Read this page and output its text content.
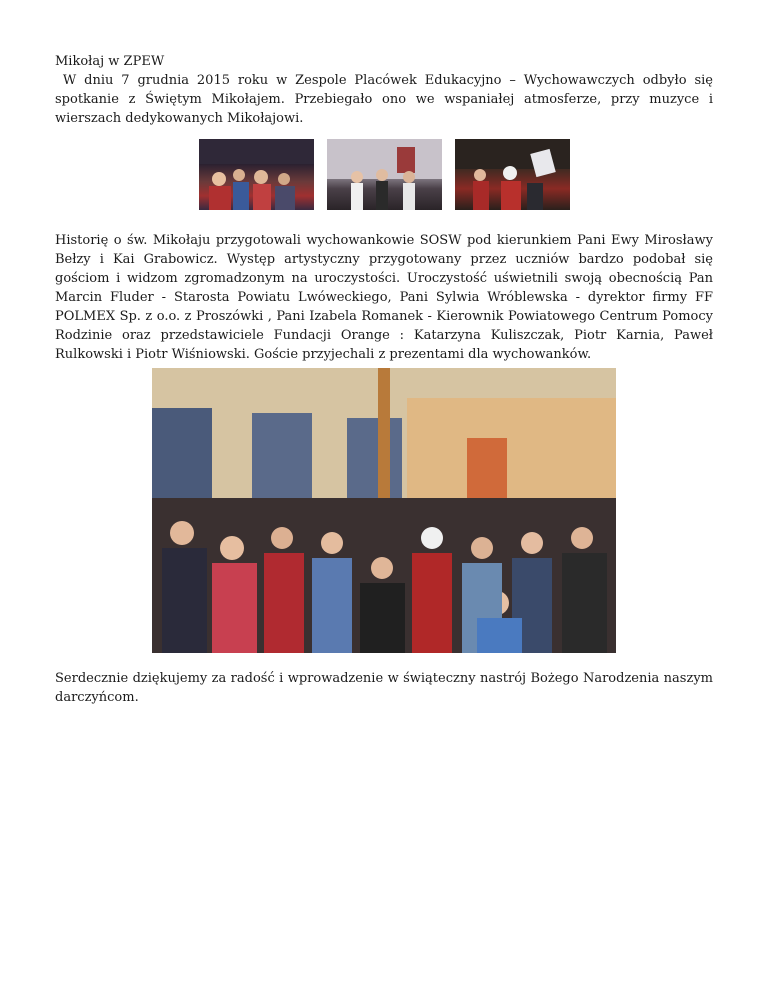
Mikołaj w ZPEW
W dniu 7 grudnia 2015 roku w Zespole Placówek Edukacyjno – Wychowawczych odbyło się spotkanie z Świętym Mikołajem. Przebiegało ono we wspaniałej atmosferze, przy muzyce i wierszach dedykowanych Mikołajowi.
Historię o św. Mikołaju przygotowali wychowankowie SOSW pod kierunkiem Pani Ewy Mirosławy Bełzy i Kai Grabowicz. Występ artystyczny przygotowany przez uczniów bardzo podobał się gościom i widzom zgromadzonym na uroczystości. Uroczystość uświetnili swoją obecnością Pan Marcin Fluder - Starosta Powiatu Lwóweckiego, Pani Sylwia Wróblewska - dyrektor firmy FF POLMEX Sp. z o.o. z Proszówki , Pani Izabela Romanek - Kierownik Powiatowego Centrum Pomocy Rodzinie oraz przedstawiciele Fundacji Orange : Katarzyna Kuliszczak, Piotr Karnia, Paweł Rulkowski i Piotr Wiśniowski. Goście przyjechali z prezentami dla wychowanków.
Serdecznie dziękujemy za radość i wprowadzenie w świąteczny nastrój Bożego Narodzenia naszym darczyńcom.
